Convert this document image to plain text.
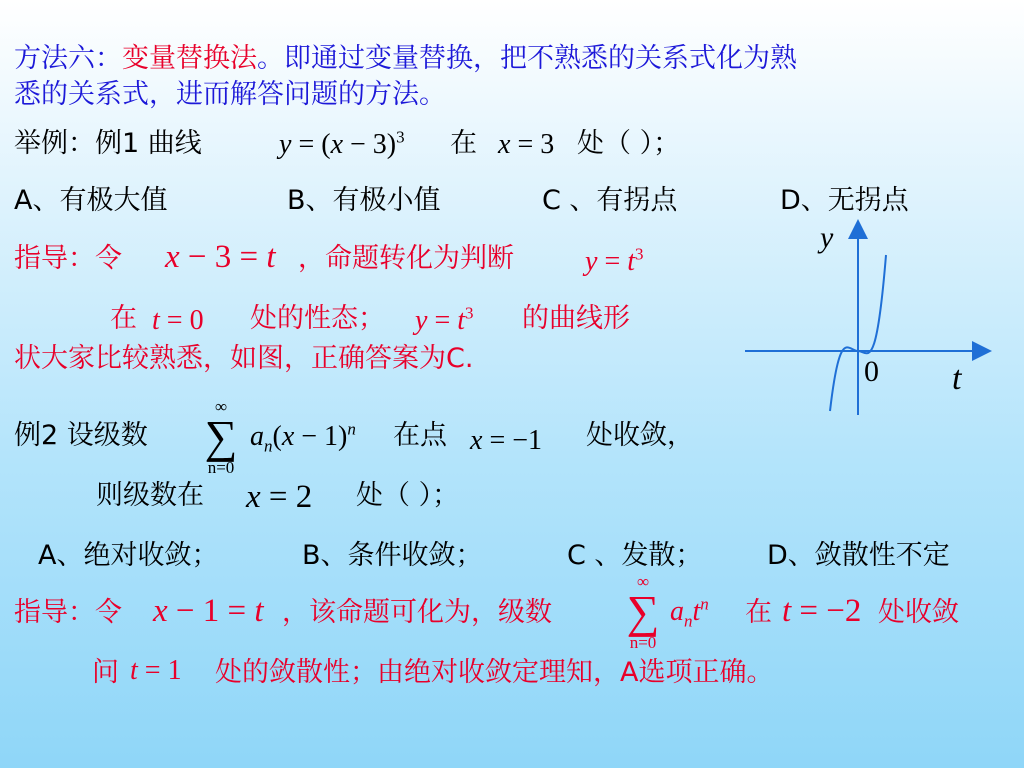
方法六：变量替换法。即通过变量替换，把不熟悉的关系式化为熟
悉的关系式，进而解答问题的方法。
举例：例1 曲线	$y = (x - 3)^3$ 在 x = 3 处（ ）；
A、有极大值	B、有极小值	C 、有拐点	D、无拐点
指导：令 x − 3 = t ，命题转化为判断	$y = t^3$
在 t = 0 处的性态； $y = t^3$ 的曲线形
状大家比较熟悉，如图，正确答案为C.
y
0 t
例2 设级数
∞
∑
n=0
$a_n(x - 1)^n$ 在点 x = −1 处收敛，
则级数在 x = 2 处（ ）；
A、绝对收敛；	B、条件收敛；	C 、发散； D、敛散性不定
指导：令 x − 1 = t ，该命题可化为，级数
∞
∑
n=0
$a_nt^n$ 在 t = −2 处收敛
问 t = 1 处的敛散性；由绝对收敛定理知，A选项正确。
